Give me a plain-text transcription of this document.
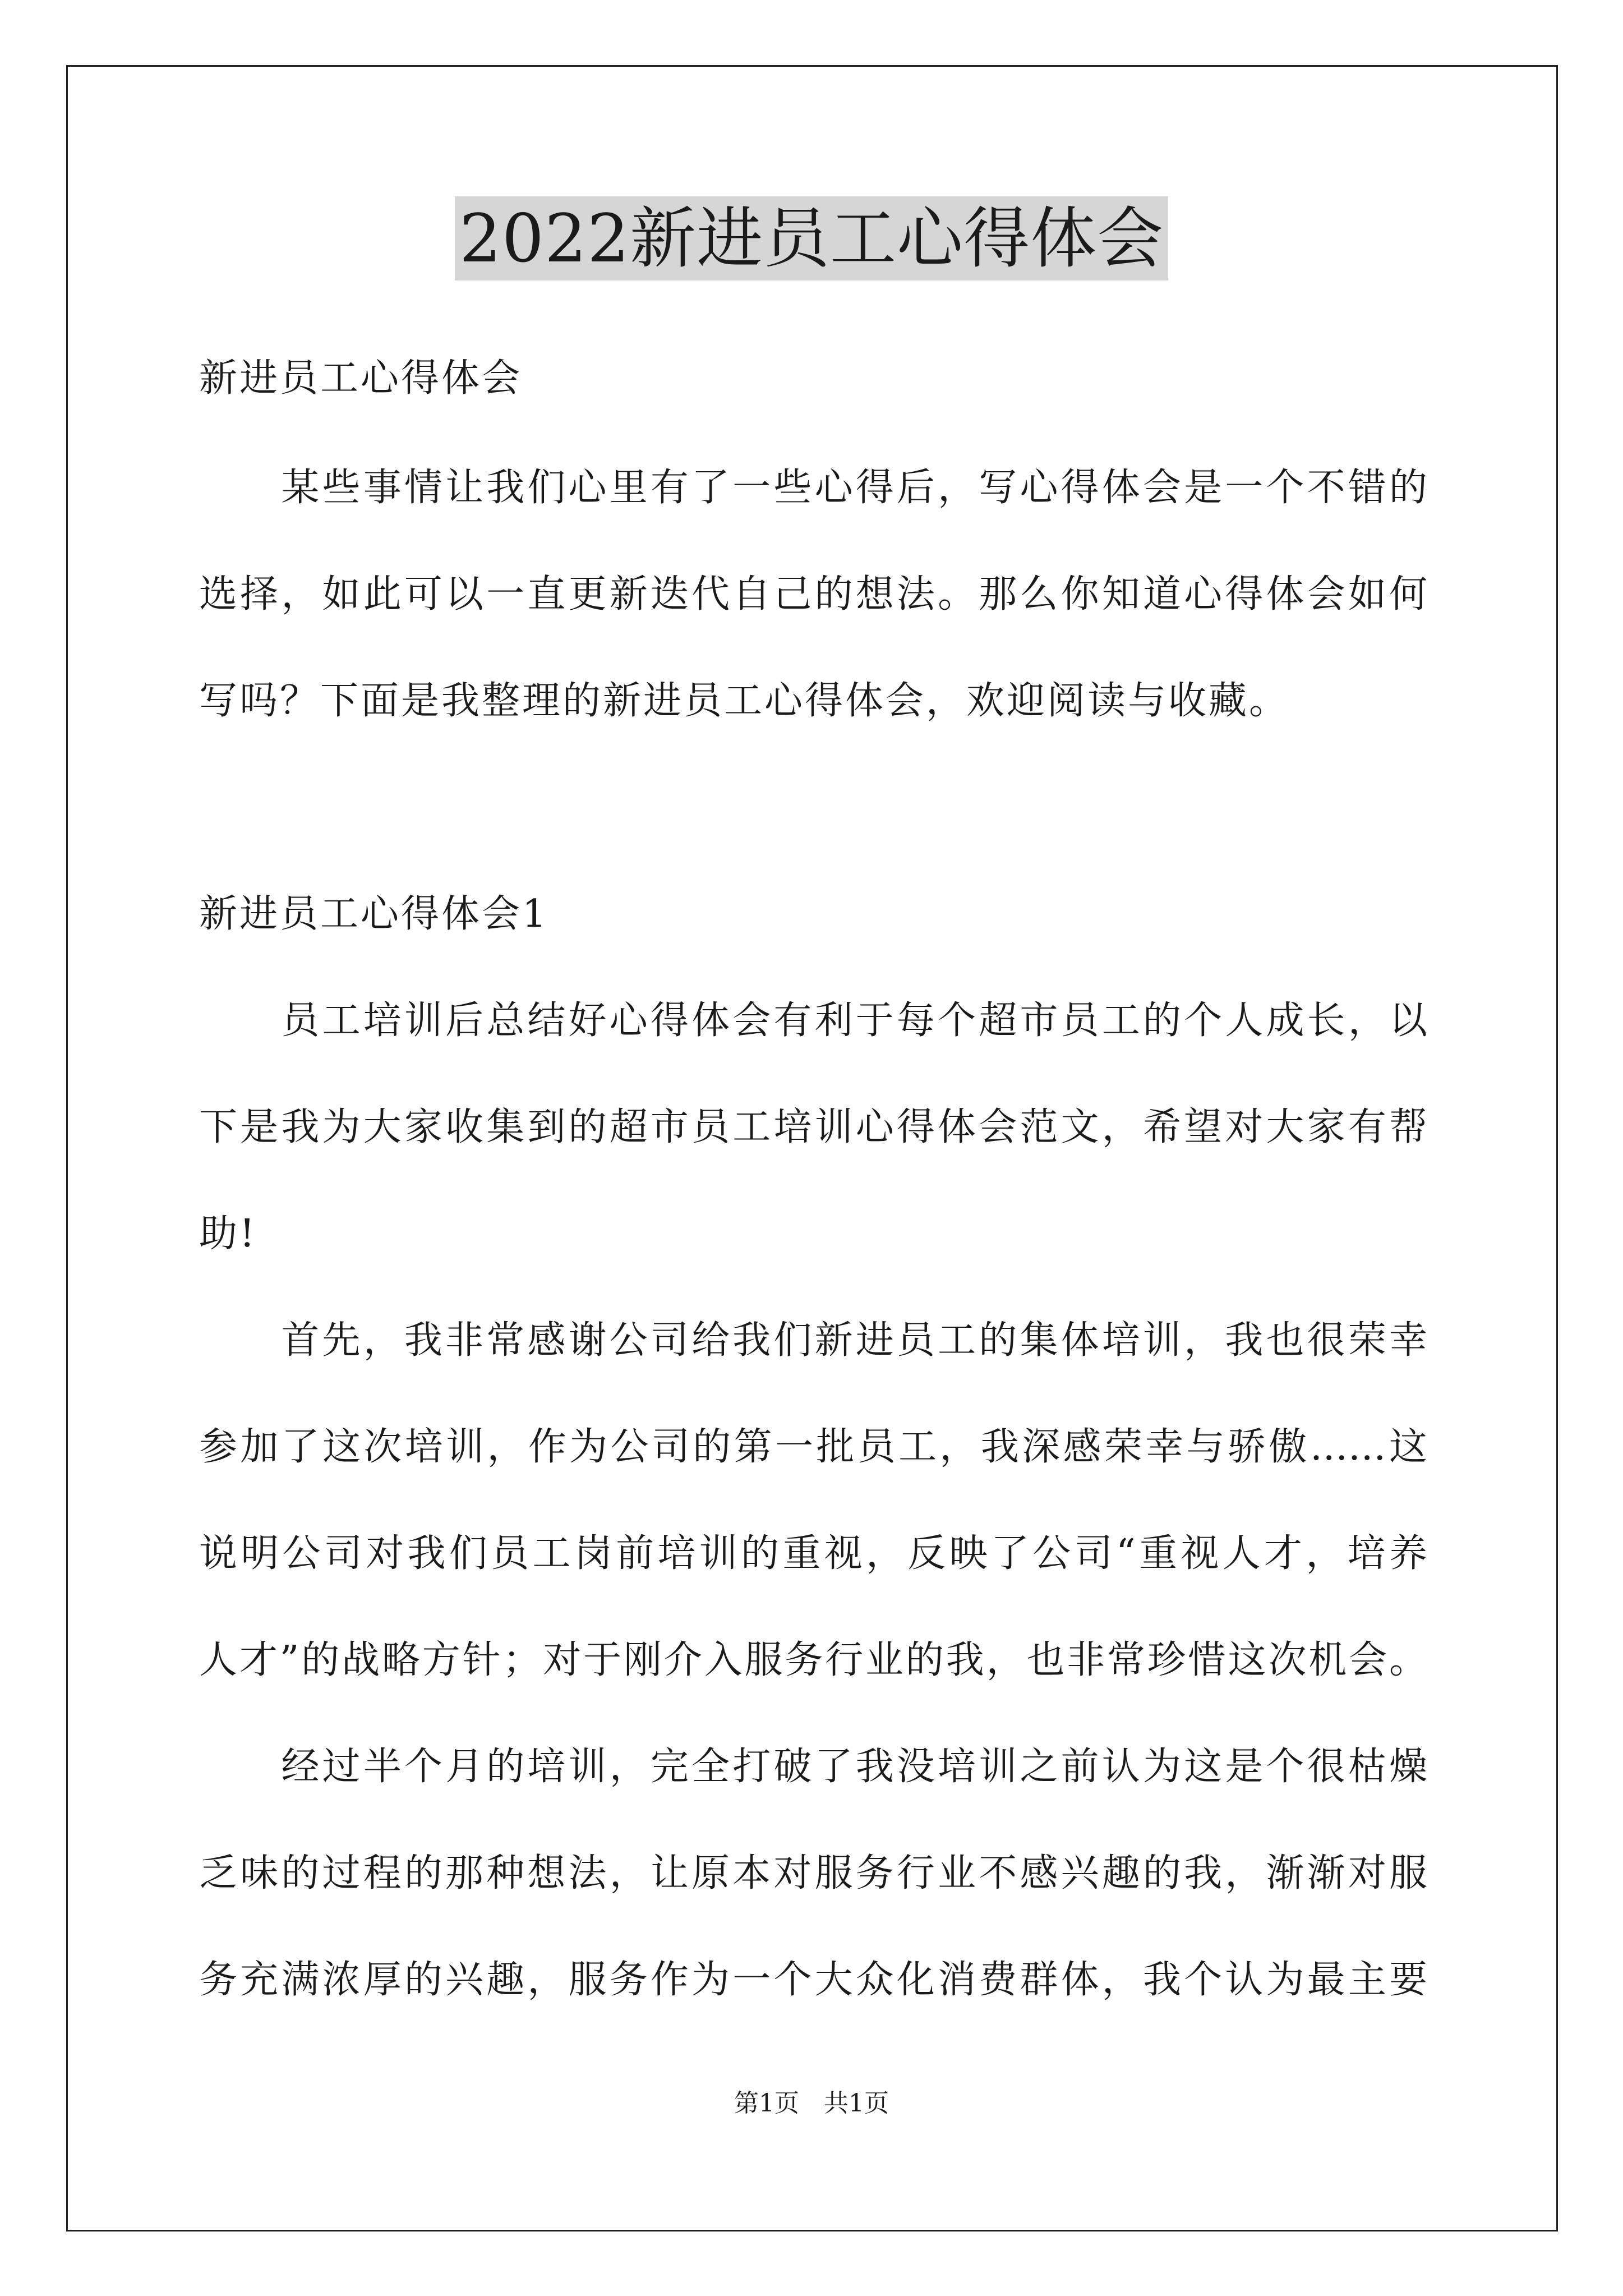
2022新进员工心得体会
新进员工心得体会
　　某些事情让我们心里有了一些心得后，写心得体会是一个不错的
选择，如此可以一直更新迭代自己的想法。那么你知道心得体会如何
写吗？下面是我整理的新进员工心得体会，欢迎阅读与收藏。
新进员工心得体会1
　　员工培训后总结好心得体会有利于每个超市员工的个人成长，以
下是我为大家收集到的超市员工培训心得体会范文，希望对大家有帮
助!
　　首先，我非常感谢公司给我们新进员工的集体培训，我也很荣幸
参加了这次培训，作为公司的第一批员工，我深感荣幸与骄傲……这
说明公司对我们员工岗前培训的重视，反映了公司“重视人才，培养
人才”的战略方针；对于刚介入服务行业的我，也非常珍惜这次机会。
　　经过半个月的培训，完全打破了我没培训之前认为这是个很枯燥
乏味的过程的那种想法，让原本对服务行业不感兴趣的我，渐渐对服
务充满浓厚的兴趣，服务作为一个大众化消费群体，我个认为最主要
第1页　共1页
